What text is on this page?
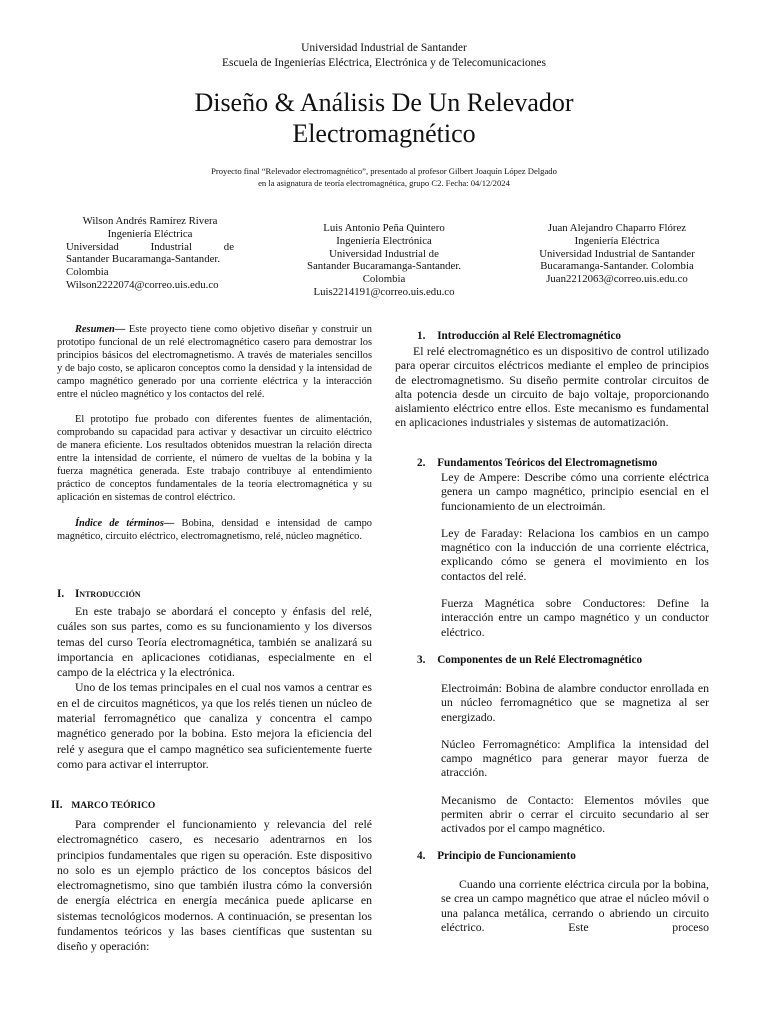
Universidad Industrial de Santander
Escuela de Ingenierías Eléctrica, Electrónica y de Telecomunicaciones
Diseño & Análisis De Un Relevador
Electromagnético
Proyecto final “Relevador electromagnético”, presentado al profesor Gilbert Joaquín López Delgado
en la asignatura de teoría electromagnética, grupo C2. Fecha: 04/12/2024
Wilson Andrés Ramírez Rivera
Ingeniería Eléctrica
Universidad Industrial de
Santander Bucaramanga-Santander.
Colombia
Wilson2222074@correo.uis.edu.co
Luis Antonio Peña Quintero
Ingeniería Electrónica
Universidad Industrial de
Santander Bucaramanga-Santander.
Colombia
Luis2214191@correo.uis.edu.co
Juan Alejandro Chaparro Flórez
Ingeniería Eléctrica
Universidad Industrial de Santander
Bucaramanga-Santander. Colombia
Juan2212063@correo.uis.edu.co

Resumen— Este proyecto tiene como objetivo diseñar y construir un prototipo funcional de un relé electromagnético casero para demostrar los principios básicos del electromagnetismo. A través de materiales sencillos y de bajo costo, se aplicaron conceptos como la densidad y la intensidad de campo magnético generado por una corriente eléctrica y la interacción entre el núcleo magnético y los contactos del relé.

El prototipo fue probado con diferentes fuentes de alimentación, comprobando su capacidad para activar y desactivar un circuito eléctrico de manera eficiente. Los resultados obtenidos muestran la relación directa entre la intensidad de corriente, el número de vueltas de la bobina y la fuerza magnética generada. Este trabajo contribuye al entendimiento práctico de conceptos fundamentales de la teoría electromagnética y su aplicación en sistemas de control eléctrico.

Índice de términos— Bobina, densidad e intensidad de campo magnético, circuito eléctrico, electromagnetismo, relé, núcleo magnético.

I. Introducción

En este trabajo se abordará el concepto y énfasis del relé, cuáles son sus partes, como es su funcionamiento y los diversos temas del curso Teoría electromagnética, también se analizará su importancia en aplicaciones cotidianas, especialmente en el campo de la eléctrica y la electrónica.

Uno de los temas principales en el cual nos vamos a centrar es en el de circuitos magnéticos, ya que los relés tienen un núcleo de material ferromagnético que canaliza y concentra el campo magnético generado por la bobina. Esto mejora la eficiencia del relé y asegura que el campo magnético sea suficientemente fuerte como para activar el interruptor.

II. MARCO TEÓRICO

Para comprender el funcionamiento y relevancia del relé electromagnético casero, es necesario adentrarnos en los principios fundamentales que rigen su operación. Este dispositivo no solo es un ejemplo práctico de los conceptos básicos del electromagnetismo, sino que también ilustra cómo la conversión de energía eléctrica en energía mecánica puede aplicarse en sistemas tecnológicos modernos. A continuación, se presentan los fundamentos teóricos y las bases científicas que sustentan su diseño y operación:

1. Introducción al Relé Electromagnético

El relé electromagnético es un dispositivo de control utilizado para operar circuitos eléctricos mediante el empleo de principios de electromagnetismo. Su diseño permite controlar circuitos de alta potencia desde un circuito de bajo voltaje, proporcionando aislamiento eléctrico entre ellos. Este mecanismo es fundamental en aplicaciones industriales y sistemas de automatización.

2. Fundamentos Teóricos del Electromagnetismo

Ley de Ampere: Describe cómo una corriente eléctrica genera un campo magnético, principio esencial en el funcionamiento de un electroimán.

Ley de Faraday: Relaciona los cambios en un campo magnético con la inducción de una corriente eléctrica, explicando cómo se genera el movimiento en los contactos del relé.

Fuerza Magnética sobre Conductores: Define la interacción entre un campo magnético y un conductor eléctrico.

3. Componentes de un Relé Electromagnético

Electroimán: Bobina de alambre conductor enrollada en un núcleo ferromagnético que se magnetiza al ser energizado.

Núcleo Ferromagnético: Amplifica la intensidad del campo magnético para generar mayor fuerza de atracción.

Mecanismo de Contacto: Elementos móviles que permiten abrir o cerrar el circuito secundario al ser activados por el campo magnético.

4. Principio de Funcionamiento

Cuando una corriente eléctrica circula por la bobina, se crea un campo magnético que atrae el núcleo móvil o una palanca metálica, cerrando o abriendo un circuito eléctrico. Este proceso
